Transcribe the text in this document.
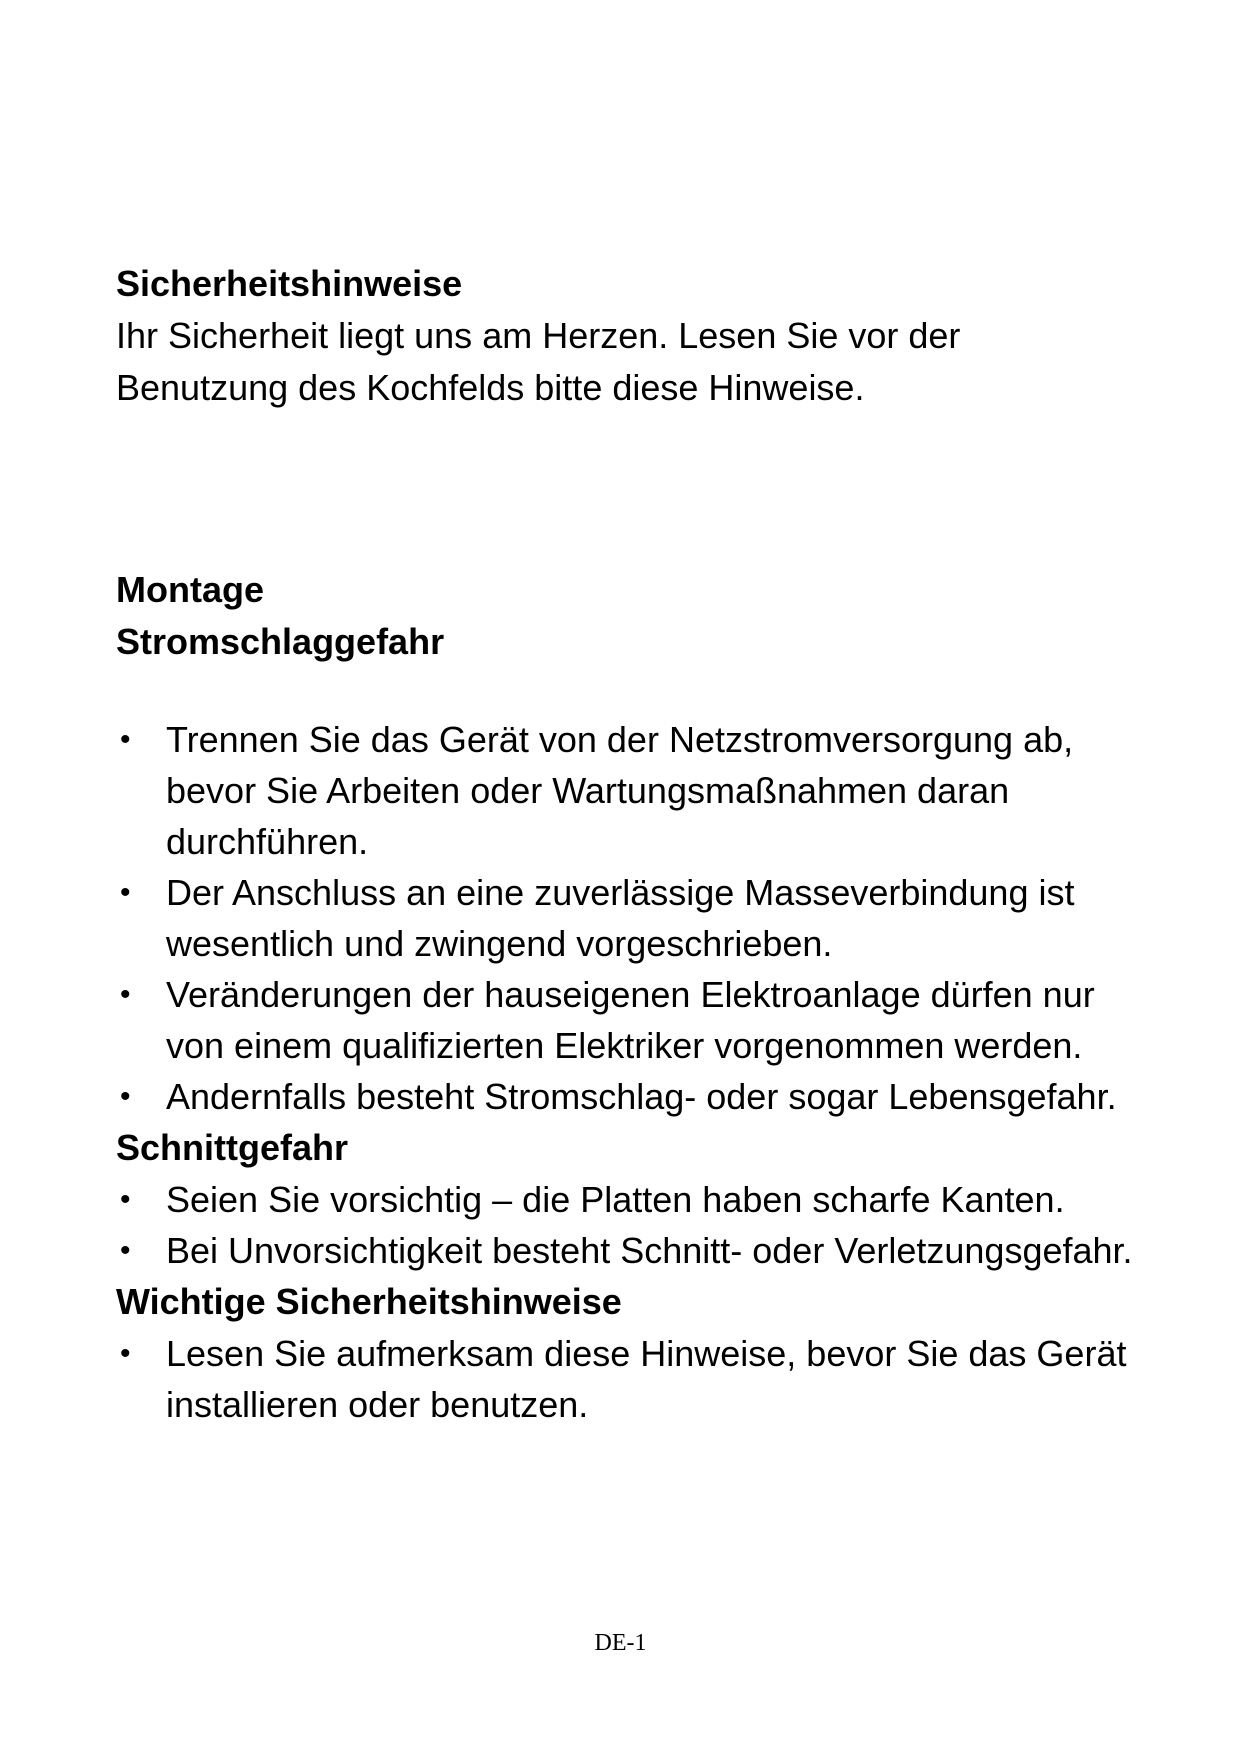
Sicherheitshinweise

Ihr Sicherheit liegt uns am Herzen. Lesen Sie vor der Benutzung des Kochfelds bitte diese Hinweise.

Montage

Stromschlaggefahr

• Trennen Sie das Gerät von der Netzstromversorgung ab, bevor Sie Arbeiten oder Wartungsmaßnahmen daran durchführen.
• Der Anschluss an eine zuverlässige Masseverbindung ist wesentlich und zwingend vorgeschrieben.
• Veränderungen der hauseigenen Elektroanlage dürfen nur von einem qualifizierten Elektriker vorgenommen werden.
• Andernfalls besteht Stromschlag- oder sogar Lebensgefahr.

Schnittgefahr

• Seien Sie vorsichtig – die Platten haben scharfe Kanten.
• Bei Unvorsichtigkeit besteht Schnitt- oder Verletzungsgefahr.

Wichtige Sicherheitshinweise

• Lesen Sie aufmerksam diese Hinweise, bevor Sie das Gerät installieren oder benutzen.
DE-1
